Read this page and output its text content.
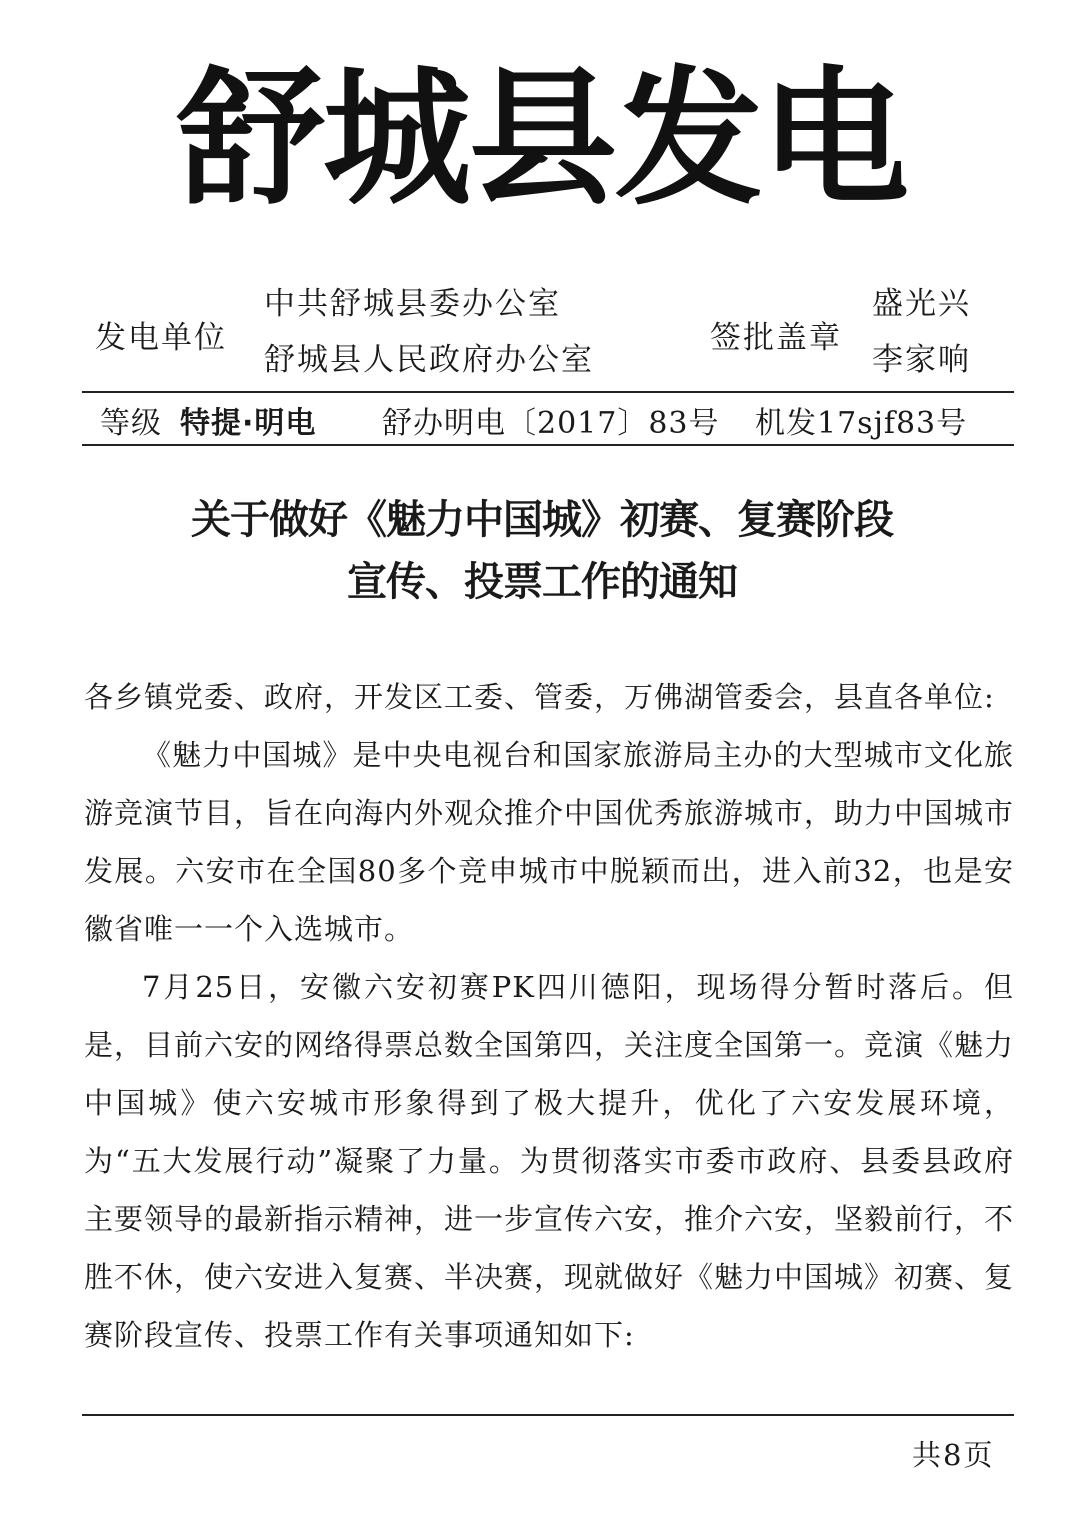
舒城县发电
发电单位
中共舒城县委办公室
舒城县人民政府办公室
签批盖章
盛光兴
李家响
等级 特提·明电 舒办明电〔2017〕83号 机发17sjf83号
关于做好《魅力中国城》初赛、复赛阶段
宣传、投票工作的通知

各乡镇党委、政府，开发区工委、管委，万佛湖管委会，县直各单位:

《魅力中国城》是中央电视台和国家旅游局主办的大型城市文化旅游竞演节目，旨在向海内外观众推介中国优秀旅游城市，助力中国城市发展。六安市在全国80多个竞申城市中脱颖而出，进入前32，也是安徽省唯一一个入选城市。

7月25日，安徽六安初赛PK四川德阳，现场得分暂时落后。但是，目前六安的网络得票总数全国第四，关注度全国第一。竞演《魅力中国城》使六安城市形象得到了极大提升，优化了六安发展环境，为“五大发展行动”凝聚了力量。为贯彻落实市委市政府、县委县政府主要领导的最新指示精神，进一步宣传六安，推介六安，坚毅前行，不胜不休，使六安进入复赛、半决赛，现就做好《魅力中国城》初赛、复赛阶段宣传、投票工作有关事项通知如下:

共8页
